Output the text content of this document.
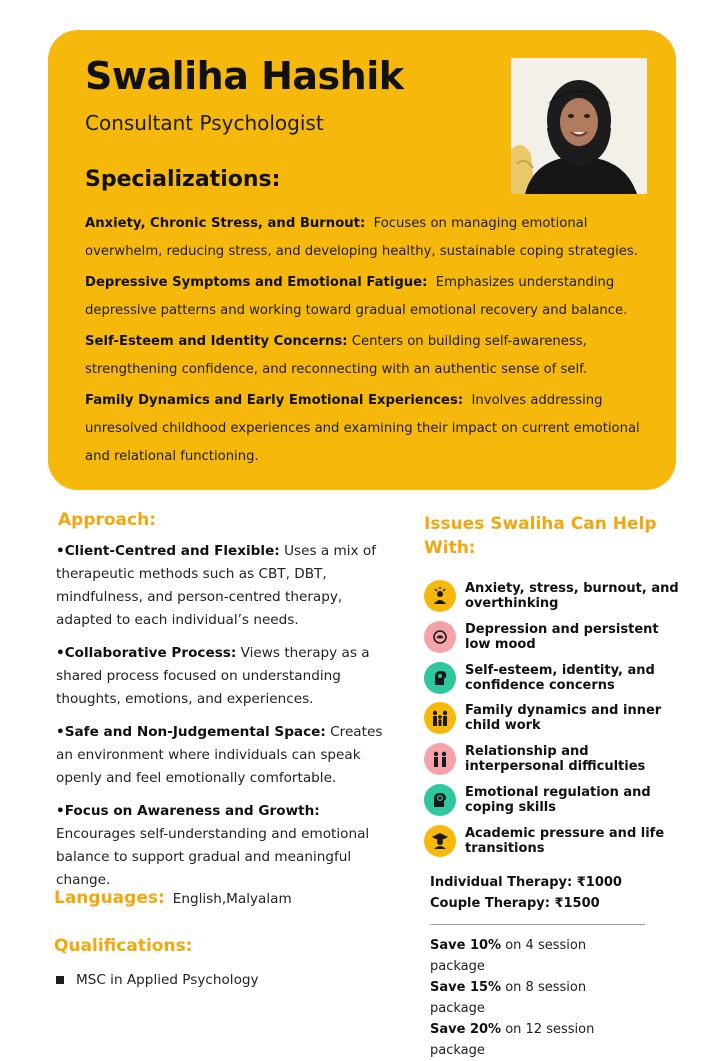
Swaliha Hashik
Consultant Psychologist
Specializations:

Anxiety, Chronic Stress, and Burnout: Focuses on managing emotional overwhelm, reducing stress, and developing healthy, sustainable coping strategies.

Depressive Symptoms and Emotional Fatigue: Emphasizes understanding depressive patterns and working toward gradual emotional recovery and balance.

Self-Esteem and Identity Concerns: Centers on building self-awareness, strengthening confidence, and reconnecting with an authentic sense of self.

Family Dynamics and Early Emotional Experiences: Involves addressing unresolved childhood experiences and examining their impact on current emotional and relational functioning.

Approach:

•Client-Centred and Flexible: Uses a mix of therapeutic methods such as CBT, DBT, mindfulness, and person-centred therapy, adapted to each individual’s needs.

•Collaborative Process: Views therapy as a shared process focused on understanding thoughts, emotions, and experiences.

•Safe and Non-Judgemental Space: Creates an environment where individuals can speak openly and feel emotionally comfortable.

•Focus on Awareness and Growth: Encourages self-understanding and emotional balance to support gradual and meaningful change.

Languages: English,Malyalam
Qualifications:
MSC in Applied Psychology
Issues Swaliha Can Help With:
Anxiety, stress, burnout, and overthinking
Depression and persistent low mood
Self-esteem, identity, and confidence concerns
Family dynamics and inner child work
Relationship and interpersonal difficulties
Emotional regulation and coping skills
Academic pressure and life transitions
Individual Therapy: ₹1000
Couple Therapy: ₹1500
Save 10% on 4 session package
Save 15% on 8 session package
Save 20% on 12 session package
